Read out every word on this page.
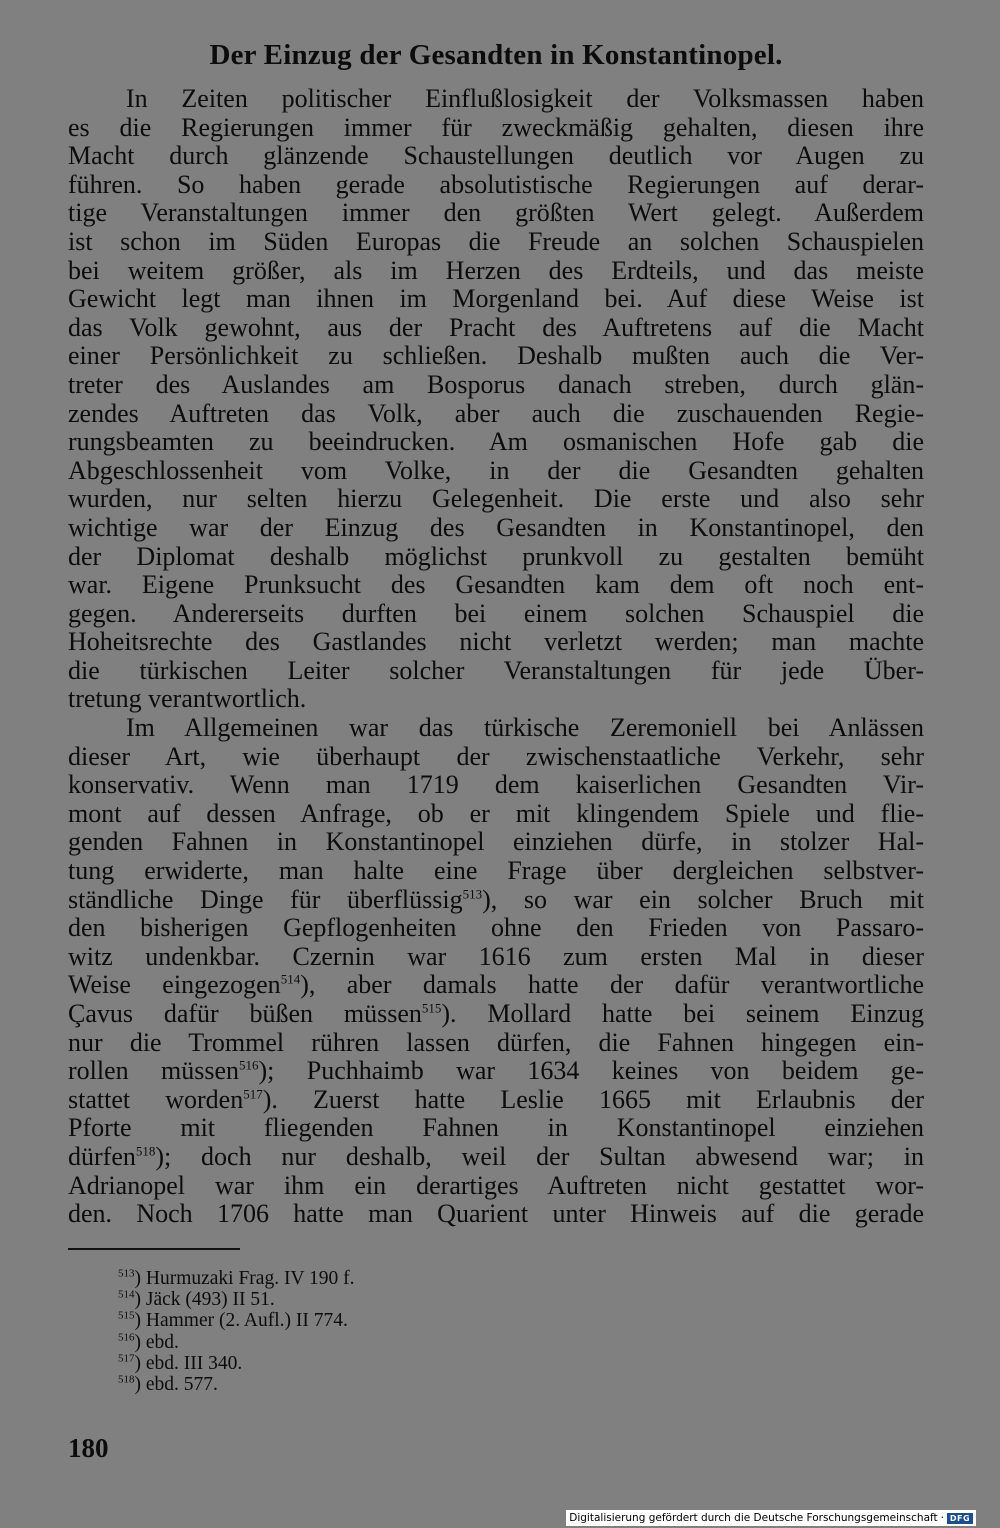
Der Einzug der Gesandten in Konstantinopel.
In Zeiten politischer Einflußlosigkeit der Volksmassen haben
es die Regierungen immer für zweckmäßig gehalten, diesen ihre
Macht durch glänzende Schaustellungen deutlich vor Augen zu
führen. So haben gerade absolutistische Regierungen auf derar-
tige Veranstaltungen immer den größten Wert gelegt. Außerdem
ist schon im Süden Europas die Freude an solchen Schauspielen
bei weitem größer, als im Herzen des Erdteils, und das meiste
Gewicht legt man ihnen im Morgenland bei. Auf diese Weise ist
das Volk gewohnt, aus der Pracht des Auftretens auf die Macht
einer Persönlichkeit zu schließen. Deshalb mußten auch die Ver-
treter des Auslandes am Bosporus danach streben, durch glän-
zendes Auftreten das Volk, aber auch die zuschauenden Regie-
rungsbeamten zu beeindrucken. Am osmanischen Hofe gab die
Abgeschlossenheit vom Volke, in der die Gesandten gehalten
wurden, nur selten hierzu Gelegenheit. Die erste und also sehr
wichtige war der Einzug des Gesandten in Konstantinopel, den
der Diplomat deshalb möglichst prunkvoll zu gestalten bemüht
war. Eigene Prunksucht des Gesandten kam dem oft noch ent-
gegen. Andererseits durften bei einem solchen Schauspiel die
Hoheitsrechte des Gastlandes nicht verletzt werden; man machte
die türkischen Leiter solcher Veranstaltungen für jede Über-
tretung verantwortlich.
Im Allgemeinen war das türkische Zeremoniell bei Anlässen
dieser Art, wie überhaupt der zwischenstaatliche Verkehr, sehr
konservativ. Wenn man 1719 dem kaiserlichen Gesandten Vir-
mont auf dessen Anfrage, ob er mit klingendem Spiele und flie-
genden Fahnen in Konstantinopel einziehen dürfe, in stolzer Hal-
tung erwiderte, man halte eine Frage über dergleichen selbstver-
ständliche Dinge für überflüssig$^{513}$), so war ein solcher Bruch mit
den bisherigen Gepflogenheiten ohne den Frieden von Passaro-
witz undenkbar. Czernin war 1616 zum ersten Mal in dieser
Weise eingezogen$^{514}$), aber damals hatte der dafür verantwortliche
Çavus dafür büßen müssen$^{515}$). Mollard hatte bei seinem Einzug
nur die Trommel rühren lassen dürfen, die Fahnen hingegen ein-
rollen müssen$^{516}$); Puchhaimb war 1634 keines von beidem ge-
stattet worden$^{517}$). Zuerst hatte Leslie 1665 mit Erlaubnis der
Pforte mit fliegenden Fahnen in Konstantinopel einziehen
dürfen$^{518}$); doch nur deshalb, weil der Sultan abwesend war; in
Adrianopel war ihm ein derartiges Auftreten nicht gestattet wor-
den. Noch 1706 hatte man Quarient unter Hinweis auf die gerade
$^{513}$) Hurmuzaki Frag. IV 190 f.
$^{514}$) Jäck (493) II 51.
$^{515}$) Hammer (2. Aufl.) II 774.
$^{516}$) ebd.
$^{517}$) ebd. III 340.
$^{518}$) ebd. 577.
180
Digitalisierung gefördert durch die Deutsche Forschungsgemeinschaft · DFG
